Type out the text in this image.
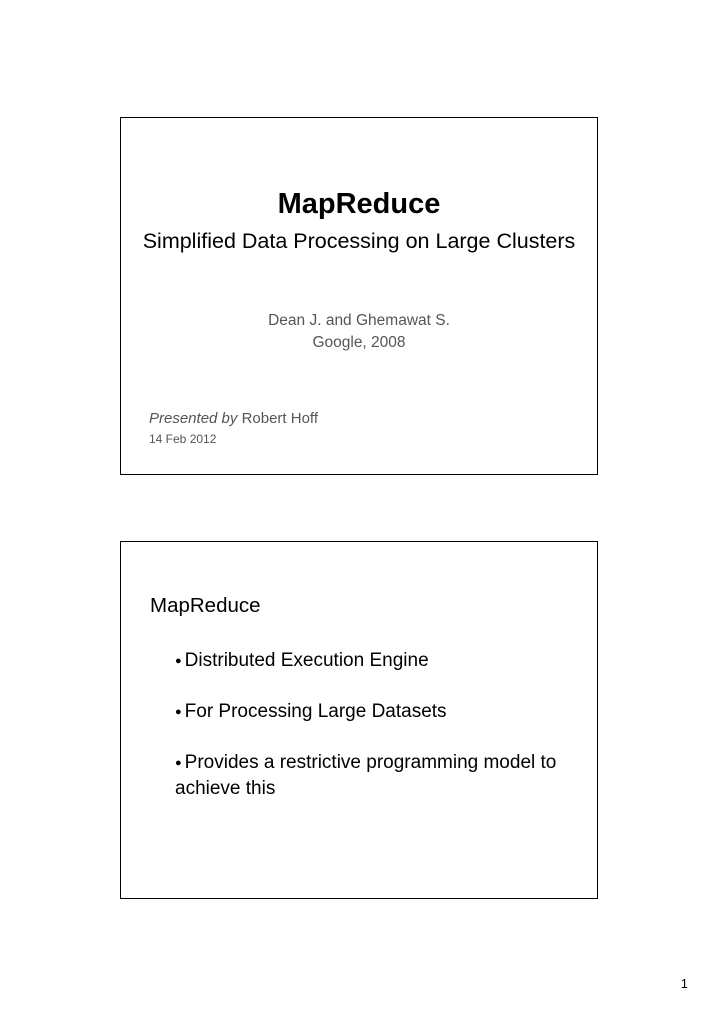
MapReduce
Simplified Data Processing on Large Clusters
Dean J. and Ghemawat S.
Google, 2008
Presented by Robert Hoff
14 Feb 2012
MapReduce
● Distributed Execution Engine
● For Processing Large Datasets
● Provides a restrictive programming model to achieve this
1
